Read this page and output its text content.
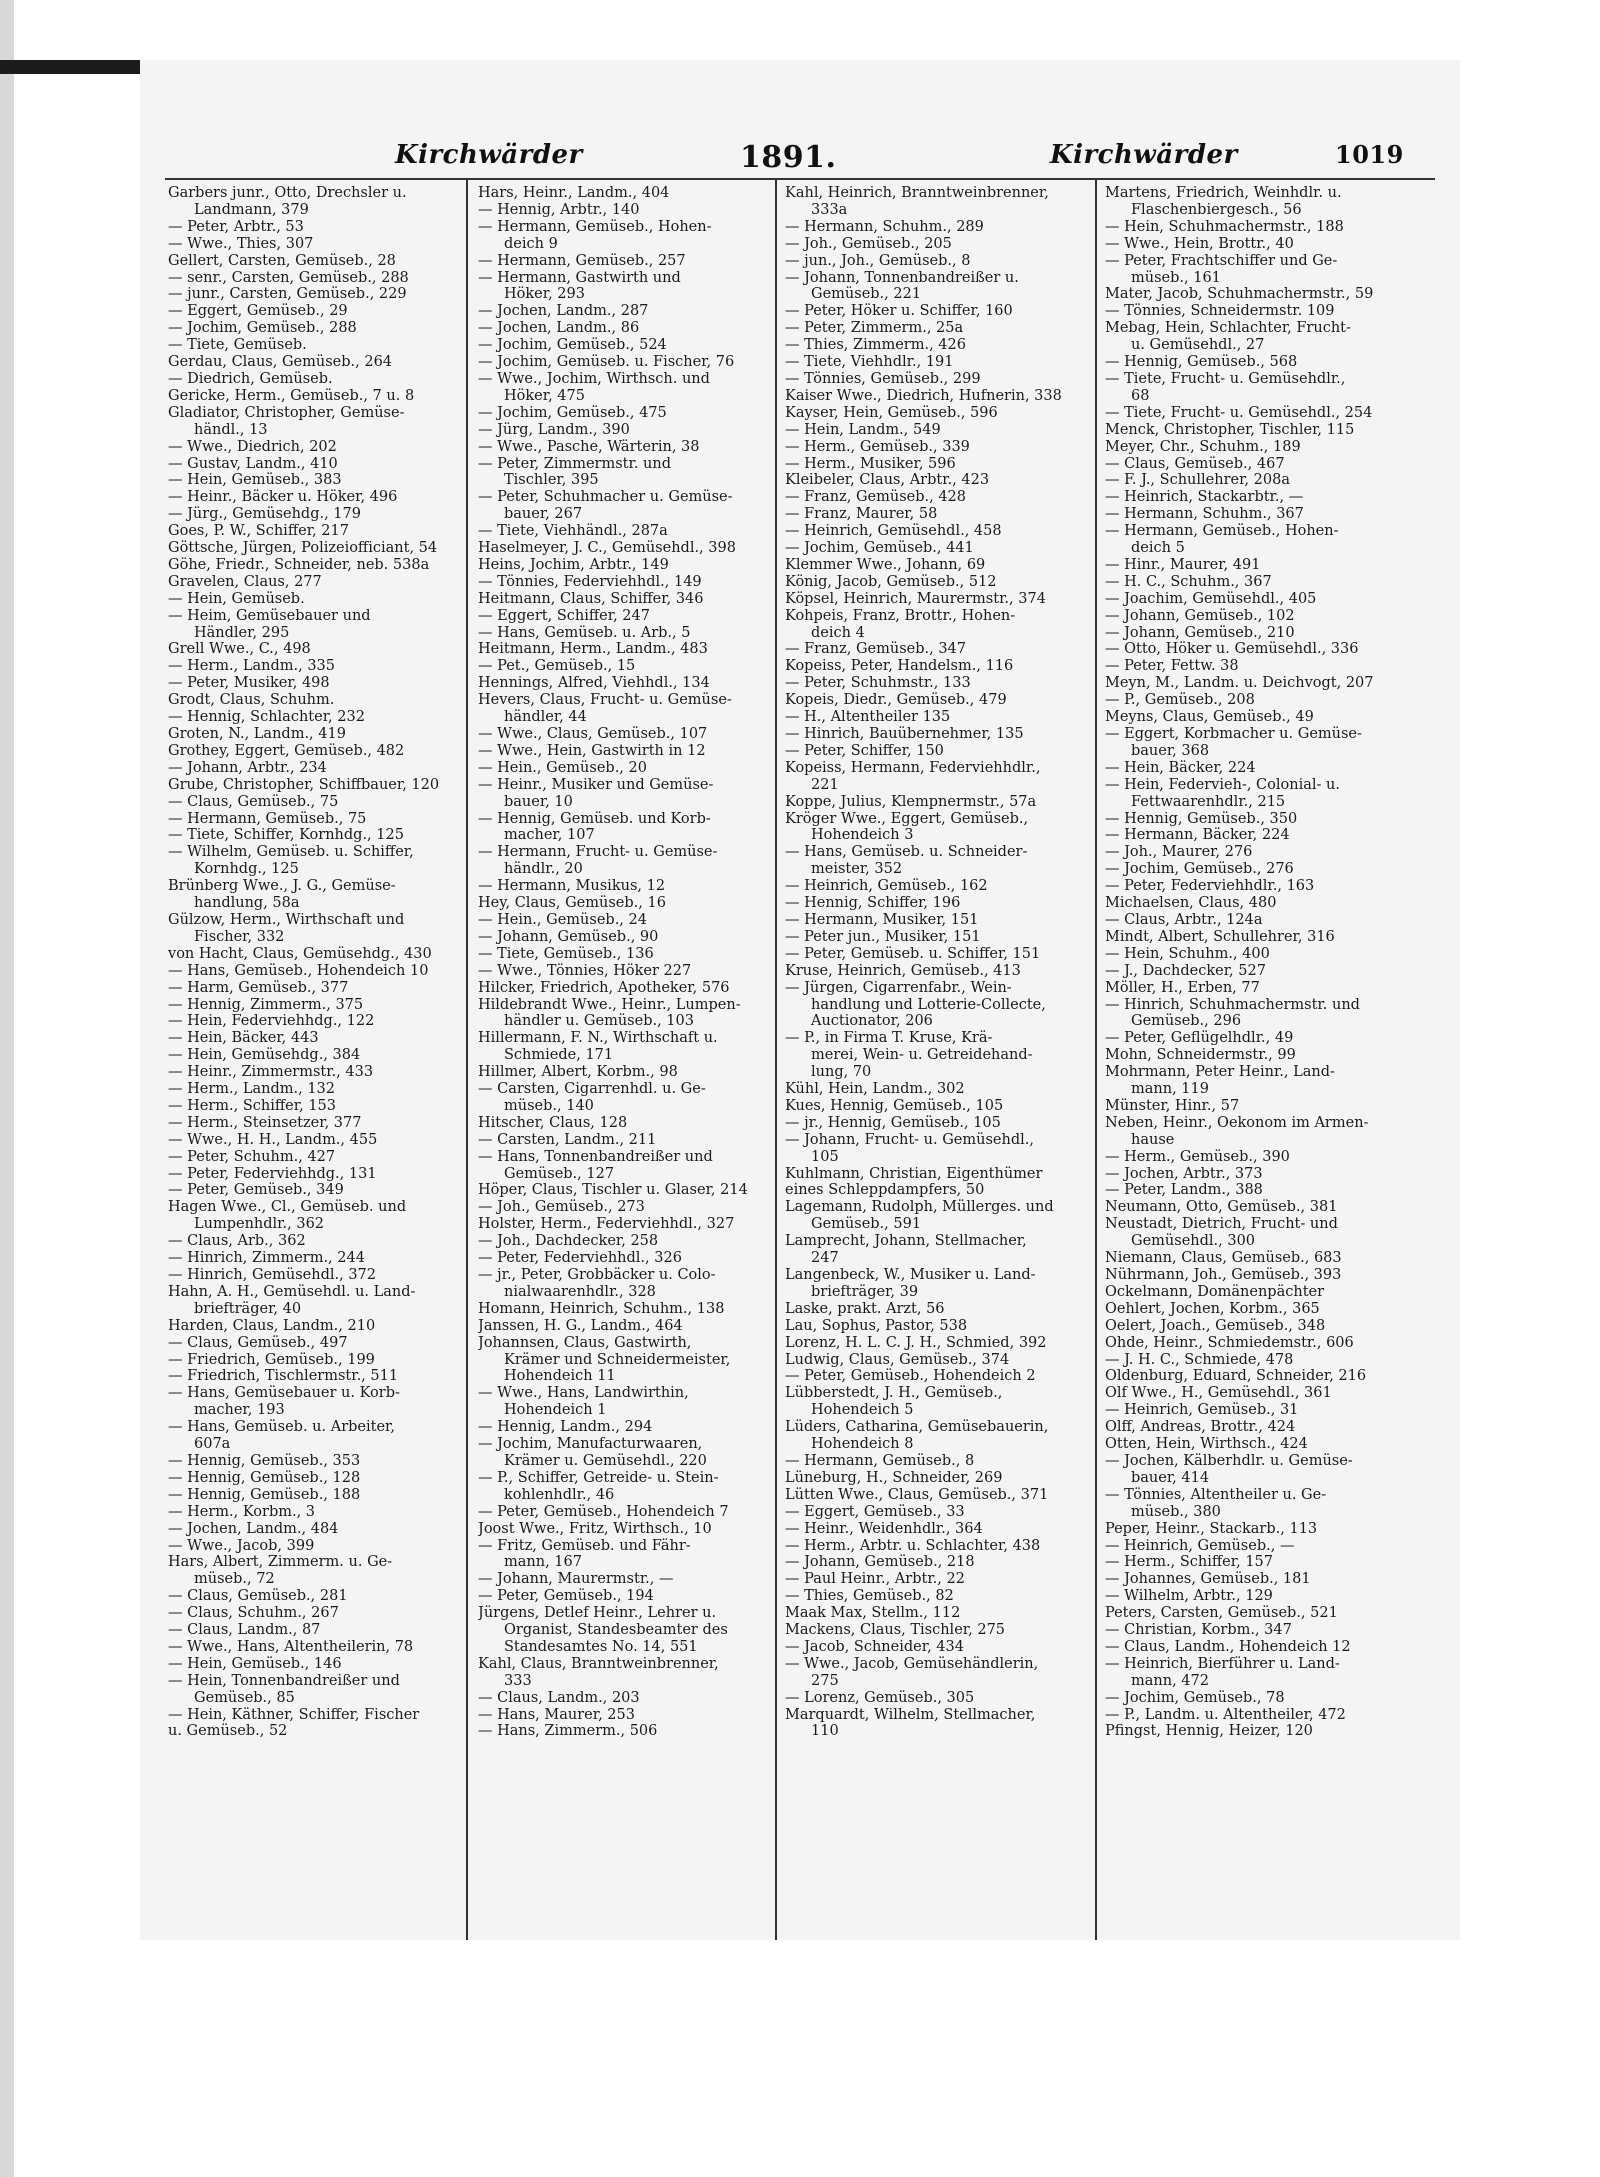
Kirchwärder	1891.	Kirchwärder	1019
Garbers junr., Otto, Drechsler u.
Landmann, 379
— Peter, Arbtr., 53
— Wwe., Thies, 307
Gellert, Carsten, Gemüseb., 28
— senr., Carsten, Gemüseb., 288
— junr., Carsten, Gemüseb., 229
— Eggert, Gemüseb., 29
— Jochim, Gemüseb., 288
— Tiete, Gemüseb.
Gerdau, Claus, Gemüseb., 264
— Diedrich, Gemüseb.
Gericke, Herm., Gemüseb., 7 u. 8
Gladiator, Christopher, Gemüse-
händl., 13
— Wwe., Diedrich, 202
— Gustav, Landm., 410
— Hein, Gemüseb., 383
— Heinr., Bäcker u. Höker, 496
— Jürg., Gemüsehdg., 179
Goes, P. W., Schiffer, 217
Göttsche, Jürgen, Polizeiofficiant, 54
Göhe, Friedr., Schneider, neb. 538a
Gravelen, Claus, 277
— Hein, Gemüseb.
— Heim, Gemüsebauer und
Händler, 295
Grell Wwe., C., 498
— Herm., Landm., 335
— Peter, Musiker, 498
Grodt, Claus, Schuhm.
— Hennig, Schlachter, 232
Groten, N., Landm., 419
Grothey, Eggert, Gemüseb., 482
— Johann, Arbtr., 234
Grube, Christopher, Schiffbauer, 120
— Claus, Gemüseb., 75
— Hermann, Gemüseb., 75
— Tiete, Schiffer, Kornhdg., 125
— Wilhelm, Gemüseb. u. Schiffer,
Kornhdg., 125
Brünberg Wwe., J. G., Gemüse-
handlung, 58a
Gülzow, Herm., Wirthschaft und
Fischer, 332
von Hacht, Claus, Gemüsehdg., 430
— Hans, Gemüseb., Hohendeich 10
— Harm, Gemüseb., 377
— Hennig, Zimmerm., 375
— Hein, Federviehhdg., 122
— Hein, Bäcker, 443
— Hein, Gemüsehdg., 384
— Heinr., Zimmermstr., 433
— Herm., Landm., 132
— Herm., Schiffer, 153
— Herm., Steinsetzer, 377
— Wwe., H. H., Landm., 455
— Peter, Schuhm., 427
— Peter, Federviehhdg., 131
— Peter, Gemüseb., 349
Hagen Wwe., Cl., Gemüseb. und
Lumpenhdlr., 362
— Claus, Arb., 362
— Hinrich, Zimmerm., 244
— Hinrich, Gemüsehdl., 372
Hahn, A. H., Gemüsehdl. u. Land-
briefträger, 40
Harden, Claus, Landm., 210
— Claus, Gemüseb., 497
— Friedrich, Gemüseb., 199
— Friedrich, Tischlermstr., 511
— Hans, Gemüsebauer u. Korb-
macher, 193
— Hans, Gemüseb. u. Arbeiter,
607a
— Hennig, Gemüseb., 353
— Hennig, Gemüseb., 128
— Hennig, Gemüseb., 188
— Herm., Korbm., 3
— Jochen, Landm., 484
— Wwe., Jacob, 399
Hars, Albert, Zimmerm. u. Ge-
müseb., 72
— Claus, Gemüseb., 281
— Claus, Schuhm., 267
— Claus, Landm., 87
— Wwe., Hans, Altentheilerin, 78
— Hein, Gemüseb., 146
— Hein, Tonnenbandreißer und
Gemüseb., 85
— Hein, Käthner, Schiffer, Fischer
u. Gemüseb., 52
Hars, Heinr., Landm., 404
— Hennig, Arbtr., 140
— Hermann, Gemüseb., Hohen-
deich 9
— Hermann, Gemüseb., 257
— Hermann, Gastwirth und
Höker, 293
— Jochen, Landm., 287
— Jochen, Landm., 86
— Jochim, Gemüseb., 524
— Jochim, Gemüseb. u. Fischer, 76
— Wwe., Jochim, Wirthsch. und
Höker, 475
— Jochim, Gemüseb., 475
— Jürg, Landm., 390
— Wwe., Pasche, Wärterin, 38
— Peter, Zimmermstr. und
Tischler, 395
— Peter, Schuhmacher u. Gemüse-
bauer, 267
— Tiete, Viehhändl., 287a
Haselmeyer, J. C., Gemüsehdl., 398
Heins, Jochim, Arbtr., 149
— Tönnies, Federviehhdl., 149
Heitmann, Claus, Schiffer, 346
— Eggert, Schiffer, 247
— Hans, Gemüseb. u. Arb., 5
Heitmann, Herm., Landm., 483
— Pet., Gemüseb., 15
Hennings, Alfred, Viehhdl., 134
Hevers, Claus, Frucht- u. Gemüse-
händler, 44
— Wwe., Claus, Gemüseb., 107
— Wwe., Hein, Gastwirth in 12
— Hein., Gemüseb., 20
— Heinr., Musiker und Gemüse-
bauer, 10
— Hennig, Gemüseb. und Korb-
macher, 107
— Hermann, Frucht- u. Gemüse-
händlr., 20
— Hermann, Musikus, 12
Hey, Claus, Gemüseb., 16
— Hein., Gemüseb., 24
— Johann, Gemüseb., 90
— Tiete, Gemüseb., 136
— Wwe., Tönnies, Höker 227
Hilcker, Friedrich, Apotheker, 576
Hildebrandt Wwe., Heinr., Lumpen-
händler u. Gemüseb., 103
Hillermann, F. N., Wirthschaft u.
Schmiede, 171
Hillmer, Albert, Korbm., 98
— Carsten, Cigarrenhdl. u. Ge-
müseb., 140
Hitscher, Claus, 128
— Carsten, Landm., 211
— Hans, Tonnenbandreißer und
Gemüseb., 127
Höper, Claus, Tischler u. Glaser, 214
— Joh., Gemüseb., 273
Holster, Herm., Federviehhdl., 327
— Joh., Dachdecker, 258
— Peter, Federviehhdl., 326
— jr., Peter, Grobbäcker u. Colo-
nialwaarenhdlr., 328
Homann, Heinrich, Schuhm., 138
Janssen, H. G., Landm., 464
Johannsen, Claus, Gastwirth,
Krämer und Schneidermeister,
Hohendeich 11
— Wwe., Hans, Landwirthin,
Hohendeich 1
— Hennig, Landm., 294
— Jochim, Manufacturwaaren,
Krämer u. Gemüsehdl., 220
— P., Schiffer, Getreide- u. Stein-
kohlenhdlr., 46
— Peter, Gemüseb., Hohendeich 7
Joost Wwe., Fritz, Wirthsch., 10
— Fritz, Gemüseb. und Fähr-
mann, 167
— Johann, Maurermstr., —
— Peter, Gemüseb., 194
Jürgens, Detlef Heinr., Lehrer u.
Organist, Standesbeamter des
Standesamtes No. 14, 551
Kahl, Claus, Branntweinbrenner,
333
— Claus, Landm., 203
— Hans, Maurer, 253
— Hans, Zimmerm., 506
Kahl, Heinrich, Branntweinbrenner,
333a
— Hermann, Schuhm., 289
— Joh., Gemüseb., 205
— jun., Joh., Gemüseb., 8
— Johann, Tonnenbandreißer u.
Gemüseb., 221
— Peter, Höker u. Schiffer, 160
— Peter, Zimmerm., 25a
— Thies, Zimmerm., 426
— Tiete, Viehhdlr., 191
— Tönnies, Gemüseb., 299
Kaiser Wwe., Diedrich, Hufnerin, 338
Kayser, Hein, Gemüseb., 596
— Hein, Landm., 549
— Herm., Gemüseb., 339
— Herm., Musiker, 596
Kleibeler, Claus, Arbtr., 423
— Franz, Gemüseb., 428
— Franz, Maurer, 58
— Heinrich, Gemüsehdl., 458
— Jochim, Gemüseb., 441
Klemmer Wwe., Johann, 69
König, Jacob, Gemüseb., 512
Köpsel, Heinrich, Maurermstr., 374
Kohpeis, Franz, Brottr., Hohen-
deich 4
— Franz, Gemüseb., 347
Kopeiss, Peter, Handelsm., 116
— Peter, Schuhmstr., 133
Kopeis, Diedr., Gemüseb., 479
— H., Altentheiler 135
— Hinrich, Bauübernehmer, 135
— Peter, Schiffer, 150
Kopeiss, Hermann, Federviehhdlr.,
221
Koppe, Julius, Klempnermstr., 57a
Kröger Wwe., Eggert, Gemüseb.,
Hohendeich 3
— Hans, Gemüseb. u. Schneider-
meister, 352
— Heinrich, Gemüseb., 162
— Hennig, Schiffer, 196
— Hermann, Musiker, 151
— Peter jun., Musiker, 151
— Peter, Gemüseb. u. Schiffer, 151
Kruse, Heinrich, Gemüseb., 413
— Jürgen, Cigarrenfabr., Wein-
handlung und Lotterie-Collecte,
Auctionator, 206
— P., in Firma T. Kruse, Krä-
merei, Wein- u. Getreidehand-
lung, 70
Kühl, Hein, Landm., 302
Kues, Hennig, Gemüseb., 105
— jr., Hennig, Gemüseb., 105
— Johann, Frucht- u. Gemüsehdl.,
105
Kuhlmann, Christian, Eigenthümer
eines Schleppdampfers, 50
Lagemann, Rudolph, Müllerges. und
Gemüseb., 591
Lamprecht, Johann, Stellmacher,
247
Langenbeck, W., Musiker u. Land-
briefträger, 39
Laske, prakt. Arzt, 56
Lau, Sophus, Pastor, 538
Lorenz, H. L. C. J. H., Schmied, 392
Ludwig, Claus, Gemüseb., 374
— Peter, Gemüseb., Hohendeich 2
Lübberstedt, J. H., Gemüseb.,
Hohendeich 5
Lüders, Catharina, Gemüsebauerin,
Hohendeich 8
— Hermann, Gemüseb., 8
Lüneburg, H., Schneider, 269
Lütten Wwe., Claus, Gemüseb., 371
— Eggert, Gemüseb., 33
— Heinr., Weidenhdlr., 364
— Herm., Arbtr. u. Schlachter, 438
— Johann, Gemüseb., 218
— Paul Heinr., Arbtr., 22
— Thies, Gemüseb., 82
Maak Max, Stellm., 112
Mackens, Claus, Tischler, 275
— Jacob, Schneider, 434
— Wwe., Jacob, Gemüsehändlerin,
275
— Lorenz, Gemüseb., 305
Marquardt, Wilhelm, Stellmacher,
110
Martens, Friedrich, Weinhdlr. u.
Flaschenbiergesch., 56
— Hein, Schuhmachermstr., 188
— Wwe., Hein, Brottr., 40
— Peter, Frachtschiffer und Ge-
müseb., 161
Mater, Jacob, Schuhmachermstr., 59
— Tönnies, Schneidermstr. 109
Mebag, Hein, Schlachter, Frucht-
u. Gemüsehdl., 27
— Hennig, Gemüseb., 568
— Tiete, Frucht- u. Gemüsehdlr.,
68
— Tiete, Frucht- u. Gemüsehdl., 254
Menck, Christopher, Tischler, 115
Meyer, Chr., Schuhm., 189
— Claus, Gemüseb., 467
— F. J., Schullehrer, 208a
— Heinrich, Stackarbtr., —
— Hermann, Schuhm., 367
— Hermann, Gemüseb., Hohen-
deich 5
— Hinr., Maurer, 491
— H. C., Schuhm., 367
— Joachim, Gemüsehdl., 405
— Johann, Gemüseb., 102
— Johann, Gemüseb., 210
— Otto, Höker u. Gemüsehdl., 336
— Peter, Fettw. 38
Meyn, M., Landm. u. Deichvogt, 207
— P., Gemüseb., 208
Meyns, Claus, Gemüseb., 49
— Eggert, Korbmacher u. Gemüse-
bauer, 368
— Hein, Bäcker, 224
— Hein, Federvieh-, Colonial- u.
Fettwaarenhdlr., 215
— Hennig, Gemüseb., 350
— Hermann, Bäcker, 224
— Joh., Maurer, 276
— Jochim, Gemüseb., 276
— Peter, Federviehhdlr., 163
Michaelsen, Claus, 480
— Claus, Arbtr., 124a
Mindt, Albert, Schullehrer, 316
— Hein, Schuhm., 400
— J., Dachdecker, 527
Möller, H., Erben, 77
— Hinrich, Schuhmachermstr. und
Gemüseb., 296
— Peter, Geflügelhdlr., 49
Mohn, Schneidermstr., 99
Mohrmann, Peter Heinr., Land-
mann, 119
Münster, Hinr., 57
Neben, Heinr., Oekonom im Armen-
hause
— Herm., Gemüseb., 390
— Jochen, Arbtr., 373
— Peter, Landm., 388
Neumann, Otto, Gemüseb., 381
Neustadt, Dietrich, Frucht- und
Gemüsehdl., 300
Niemann, Claus, Gemüseb., 683
Nührmann, Joh., Gemüseb., 393
Ockelmann, Domänenpächter
Oehlert, Jochen, Korbm., 365
Oelert, Joach., Gemüseb., 348
Ohde, Heinr., Schmiedemstr., 606
— J. H. C., Schmiede, 478
Oldenburg, Eduard, Schneider, 216
Olf Wwe., H., Gemüsehdl., 361
— Heinrich, Gemüseb., 31
Olff, Andreas, Brottr., 424
Otten, Hein, Wirthsch., 424
— Jochen, Kälberhdlr. u. Gemüse-
bauer, 414
— Tönnies, Altentheiler u. Ge-
müseb., 380
Peper, Heinr., Stackarb., 113
— Heinrich, Gemüseb., —
— Herm., Schiffer, 157
— Johannes, Gemüseb., 181
— Wilhelm, Arbtr., 129
Peters, Carsten, Gemüseb., 521
— Christian, Korbm., 347
— Claus, Landm., Hohendeich 12
— Heinrich, Bierführer u. Land-
mann, 472
— Jochim, Gemüseb., 78
— P., Landm. u. Altentheiler, 472
Pfingst, Hennig, Heizer, 120
